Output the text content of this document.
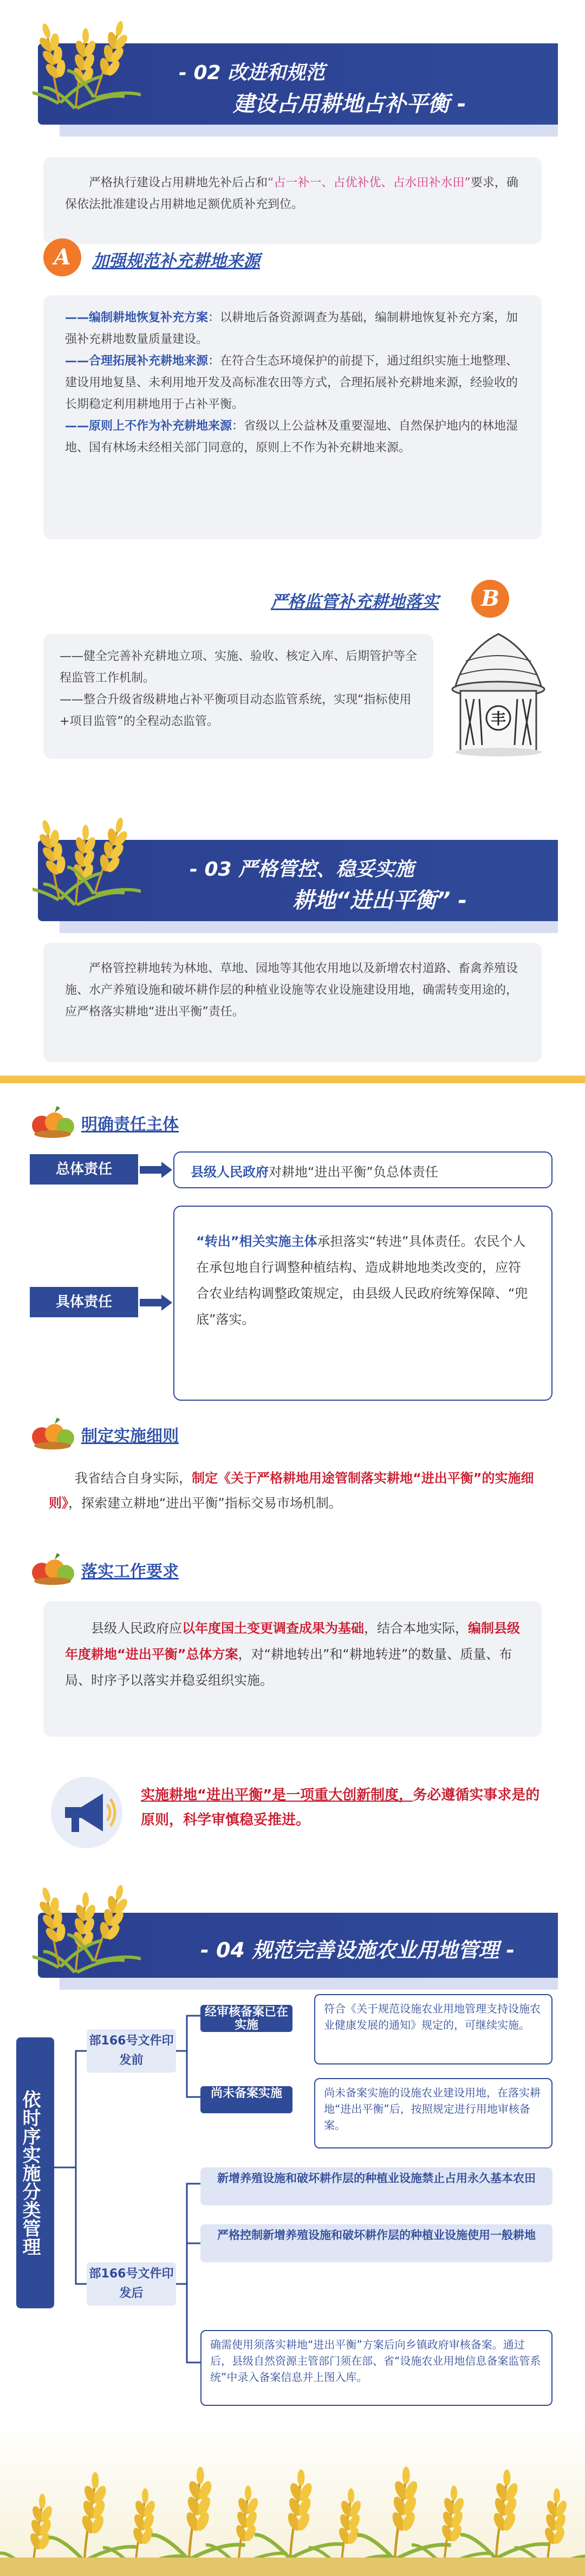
- 02 改进和规范
建设占用耕地占补平衡 -

严格执行建设占用耕地先补后占和“占一补一、占优补优、占水田补水田”要求，确保依法批准建设占用耕地足额优质补充到位。

A	加强规范补充耕地来源

——编制耕地恢复补充方案：以耕地后备资源调查为基础，编制耕地恢复补充方案，加强补充耕地数量质量建设。

——合理拓展补充耕地来源：在符合生态环境保护的前提下，通过组织实施土地整理、建设用地复垦、未利用地开发及高标准农田等方式，合理拓展补充耕地来源，经验收的长期稳定利用耕地用于占补平衡。

——原则上不作为补充耕地来源：省级以上公益林及重要湿地、自然保护地内的林地湿地、国有林场未经相关部门同意的，原则上不作为补充耕地来源。

严格监管补充耕地落实	B

——健全完善补充耕地立项、实施、验收、核定入库、后期管护等全程监管工作机制。

——整合升级省级耕地占补平衡项目动态监管系统，实现“指标使用+项目监管”的全程动态监管。	丰
- 03 严格管控、稳妥实施
耕地“进出平衡” -

严格管控耕地转为林地、草地、园地等其他农用地以及新增农村道路、畜禽养殖设施、水产养殖设施和破坏耕作层的种植业设施等农业设施建设用地，确需转变用途的，应严格落实耕地“进出平衡”责任。

明确责任主体
总体责任	县级人民政府对耕地“进出平衡”负总体责任
具体责任
“转出”相关实施主体承担落实“转进”具体责任。农民个人在承包地自行调整种植结构、造成耕地地类改变的，应符合农业结构调整政策规定，由县级人民政府统筹保障、“兜底”落实。
制定实施细则
我省结合自身实际，制定《关于严格耕地用途管制落实耕地“进出平衡”的实施细则》，探索建立耕地“进出平衡”指标交易市场机制。
落实工作要求

县级人民政府应以年度国土变更调查成果为基础，结合本地实际，编制县级年度耕地“进出平衡”总体方案，对“耕地转出”和“耕地转进”的数量、质量、布局、时序予以落实并稳妥组织实施。

实施耕地“进出平衡”是一项重大创新制度，务必遵循实事求是的原则，科学审慎稳妥推进。
- 04 规范完善设施农业用地管理 -
依时序实施分类管理
部166号文件印发前
经审核备案已在实施
符合《关于规范设施农业用地管理支持设施农业健康发展的通知》规定的，可继续实施。
尚未备案实施	尚未备案实施的设施农业建设用地，在落实耕地“进出平衡”后，按照规定进行用地审核备案。
部166号文件印发后
新增养殖设施和破坏耕作层的种植业设施禁止占用永久基本农田
严格控制新增养殖设施和破坏耕作层的种植业设施使用一般耕地
确需使用须落实耕地“进出平衡”方案后向乡镇政府审核备案。通过后，县级自然资源主管部门须在部、省“设施农业用地信息备案监管系统”中录入备案信息并上图入库。
